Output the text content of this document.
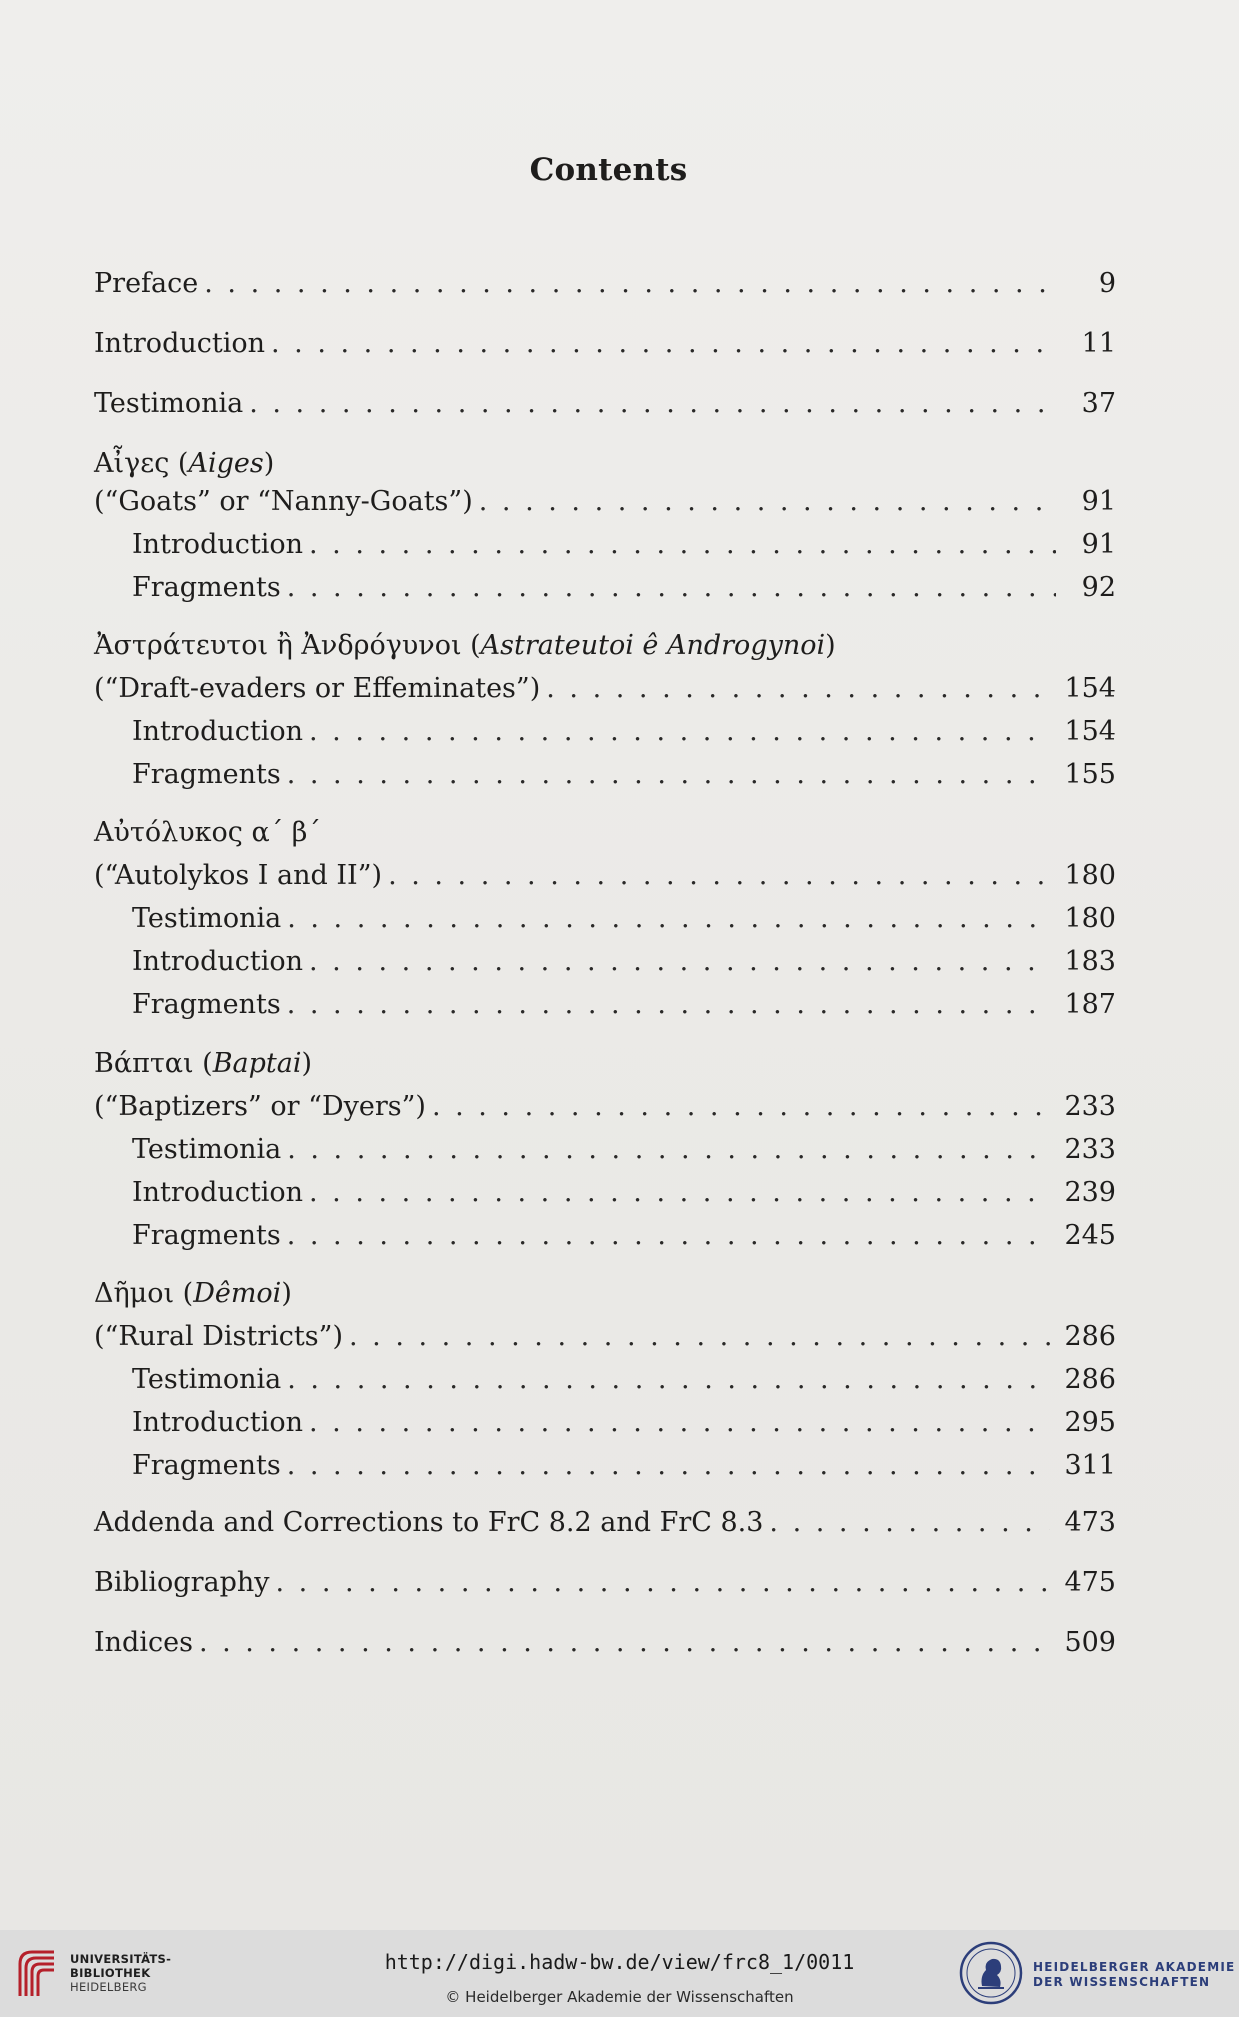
Contents
Preface . . .	9
Introduction . . .	11
Testimonia . . .	37
Αἶγες (Aiges)
(“Goats” or “Nanny-Goats”) . . .	91
Introduction . . .	91
Fragments . . .	92
Ἀστράτευτοι ἢ Ἀνδρόγυνοι (Astrateutoi ê Androgynoi)
(“Draft-evaders or Effeminates”) . . .	154
Introduction . . .	154
Fragments . . .	155
Αὐτόλυκος α΄ β΄
(“Autolykos I and II”) . . .	180
Testimonia . . .	180
Introduction . . .	183
Fragments . . .	187
Βάπται (Baptai)
(“Baptizers” or “Dyers”) . . .	233
Testimonia . . .	233
Introduction . . .	239
Fragments . . .	245
Δῆμοι (Dêmoi)
(“Rural Districts”) . . .	286
Testimonia . . .	286
Introduction . . .	295
Fragments . . .	311
Addenda and Corrections to FrC 8.2 and FrC 8.3 . . .	473
Bibliography . . .	475
Indices . . .	509
UNIVERSITÄTS-
BIBLIOTHEK
HEIDELBERG
http://digi.hadw-bw.de/view/frc8_1/0011
© Heidelberger Akademie der Wissenschaften
HEIDELBERGER AKADEMIE
DER WISSENSCHAFTEN
